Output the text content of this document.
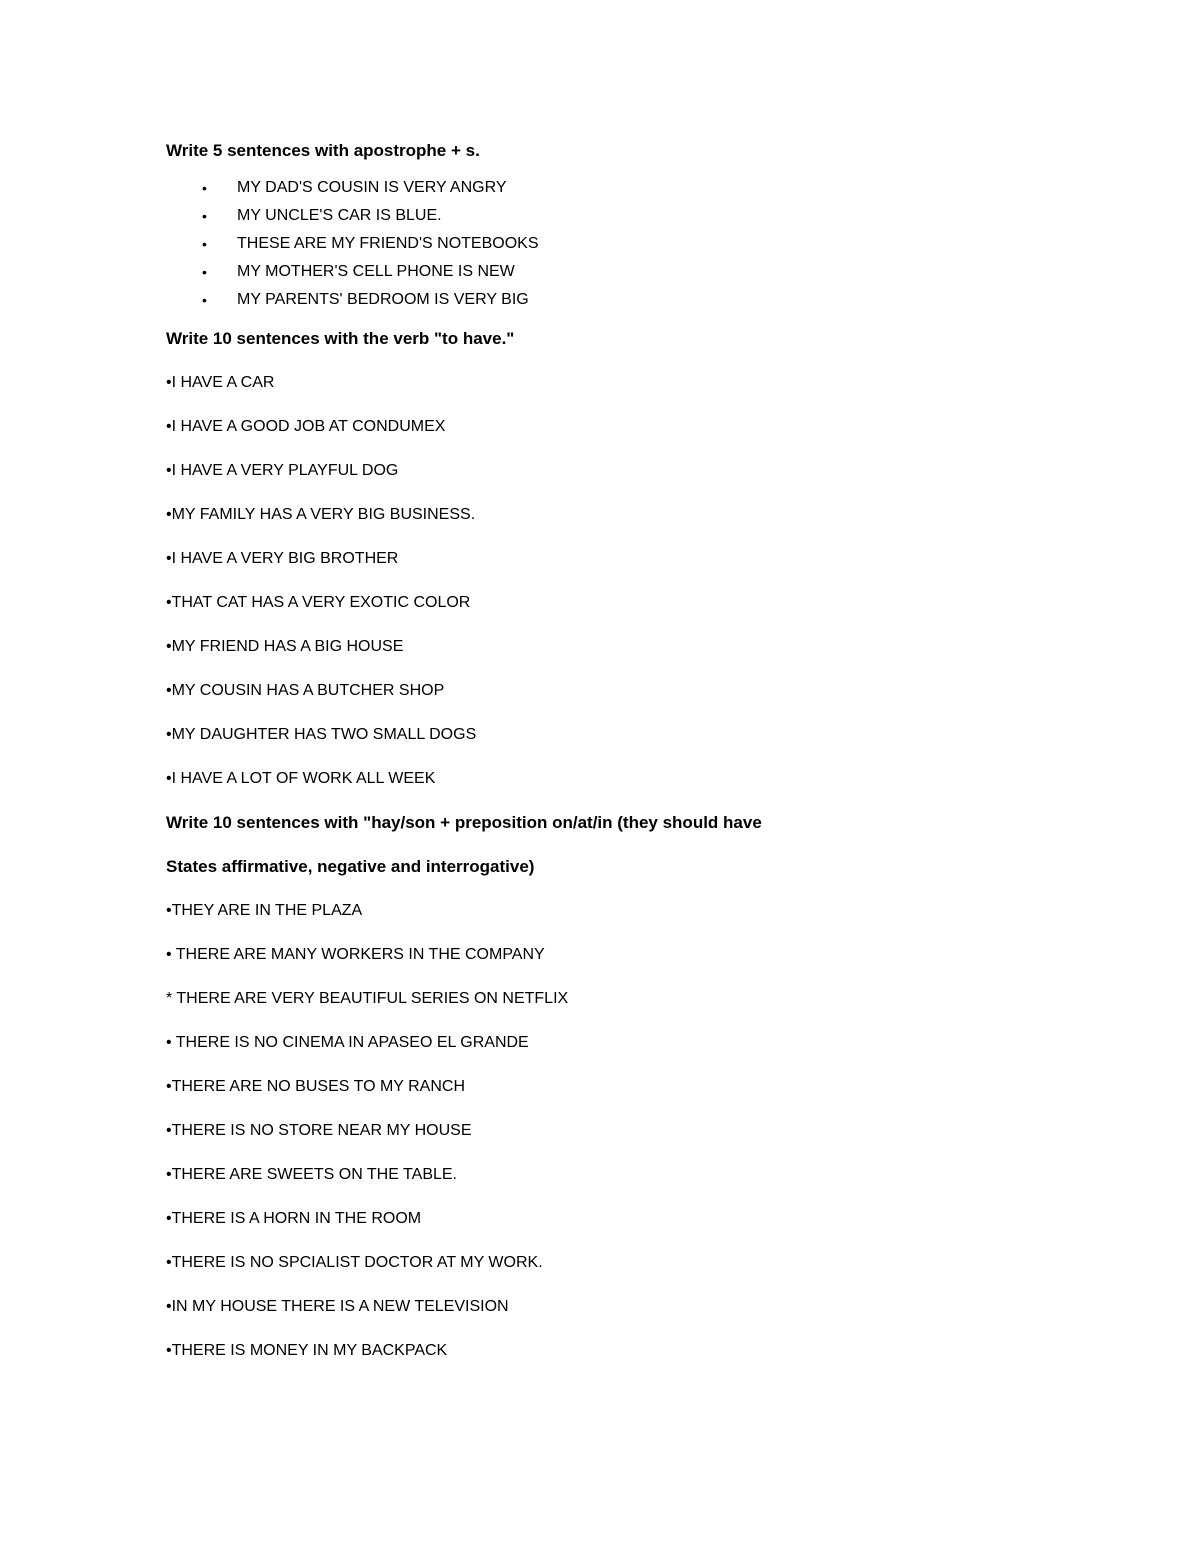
Write 5 sentences with apostrophe + s.

• MY DAD'S COUSIN IS VERY ANGRY
• MY UNCLE'S CAR IS BLUE.
• THESE ARE MY FRIEND'S NOTEBOOKS
• MY MOTHER'S CELL PHONE IS NEW
• MY PARENTS' BEDROOM IS VERY BIG

Write 10 sentences with the verb "to have."

•I HAVE A CAR

•I HAVE A GOOD JOB AT CONDUMEX

•I HAVE A VERY PLAYFUL DOG

•MY FAMILY HAS A VERY BIG BUSINESS.

•I HAVE A VERY BIG BROTHER

•THAT CAT HAS A VERY EXOTIC COLOR

•MY FRIEND HAS A BIG HOUSE

•MY COUSIN HAS A BUTCHER SHOP

•MY DAUGHTER HAS TWO SMALL DOGS

•I HAVE A LOT OF WORK ALL WEEK

Write 10 sentences with "hay/son + preposition on/at/in (they should have

States affirmative, negative and interrogative)

•THEY ARE IN THE PLAZA

• THERE ARE MANY WORKERS IN THE COMPANY

* THERE ARE VERY BEAUTIFUL SERIES ON NETFLIX

• THERE IS NO CINEMA IN APASEO EL GRANDE

•THERE ARE NO BUSES TO MY RANCH

•THERE IS NO STORE NEAR MY HOUSE

•THERE ARE SWEETS ON THE TABLE.

•THERE IS A HORN IN THE ROOM

•THERE IS NO SPCIALIST DOCTOR AT MY WORK.

•IN MY HOUSE THERE IS A NEW TELEVISION

•THERE IS MONEY IN MY BACKPACK
